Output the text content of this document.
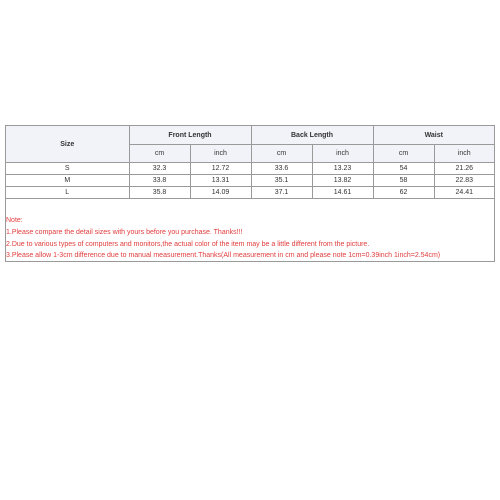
Size	Front Length		Back Length		Waist	
	cm	inch	cm	inch	cm	inch
S	32.3	12.72	33.6	13.23	54	21.26
M	33.8	13.31	35.1	13.82	58	22.83
L	35.8	14.09	37.1	14.61	62	24.41
Note:
1.Please compare the detail sizes with yours before you purchase. Thanks!!!
2.Due to various types of computers and monitors,the actual color of the item may be a little different from the picture.
3.Please allow 1-3cm difference due to manual measurement.Thanks(All measurement in cm and please note 1cm=0.39inch 1inch=2.54cm)
